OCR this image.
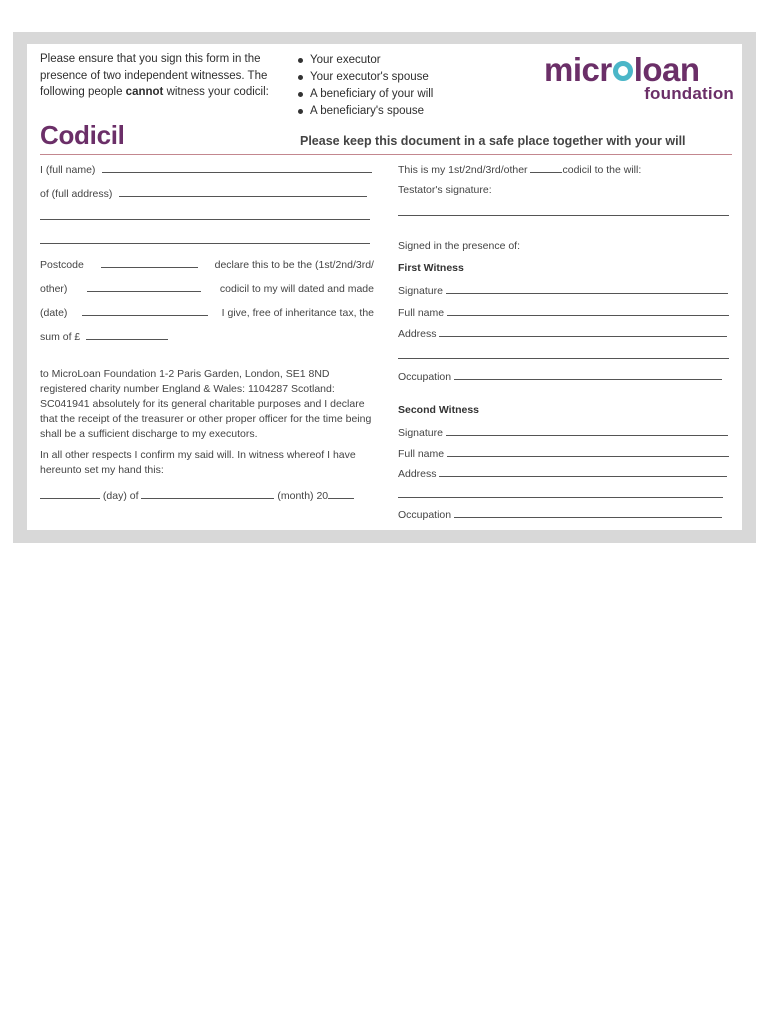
Please ensure that you sign this form in the presence of two independent witnesses. The following people cannot witness your codicil:
Your executor
Your executor's spouse
A beneficiary of your will
A beneficiary's spouse
micr loan
foundation
Codicil	Please keep this document in a safe place together with your will
I (full name)
of (full address)
Postcode	declare this to be the (1st/2nd/3rd/
other)	codicil to my will dated and made
(date)	I give, free of inheritance tax, the
sum of £
to MicroLoan Foundation 1-2 Paris Garden, London, SE1 8ND registered charity number England & Wales: 1104287 Scotland: SC041941 absolutely for its general charitable purposes and I declare that the receipt of the treasurer or other proper officer for the time being shall be a sufficient discharge to my executors.
In all other respects I confirm my said will. In witness whereof I have hereunto set my hand this:
(day) of	(month) 20
This is my 1st/2nd/3rd/other	codicil to the will:
Testator's signature:
Signed in the presence of:
First Witness
Signature
Full name
Address
Occupation
Second Witness
Signature
Full name
Address
Occupation
